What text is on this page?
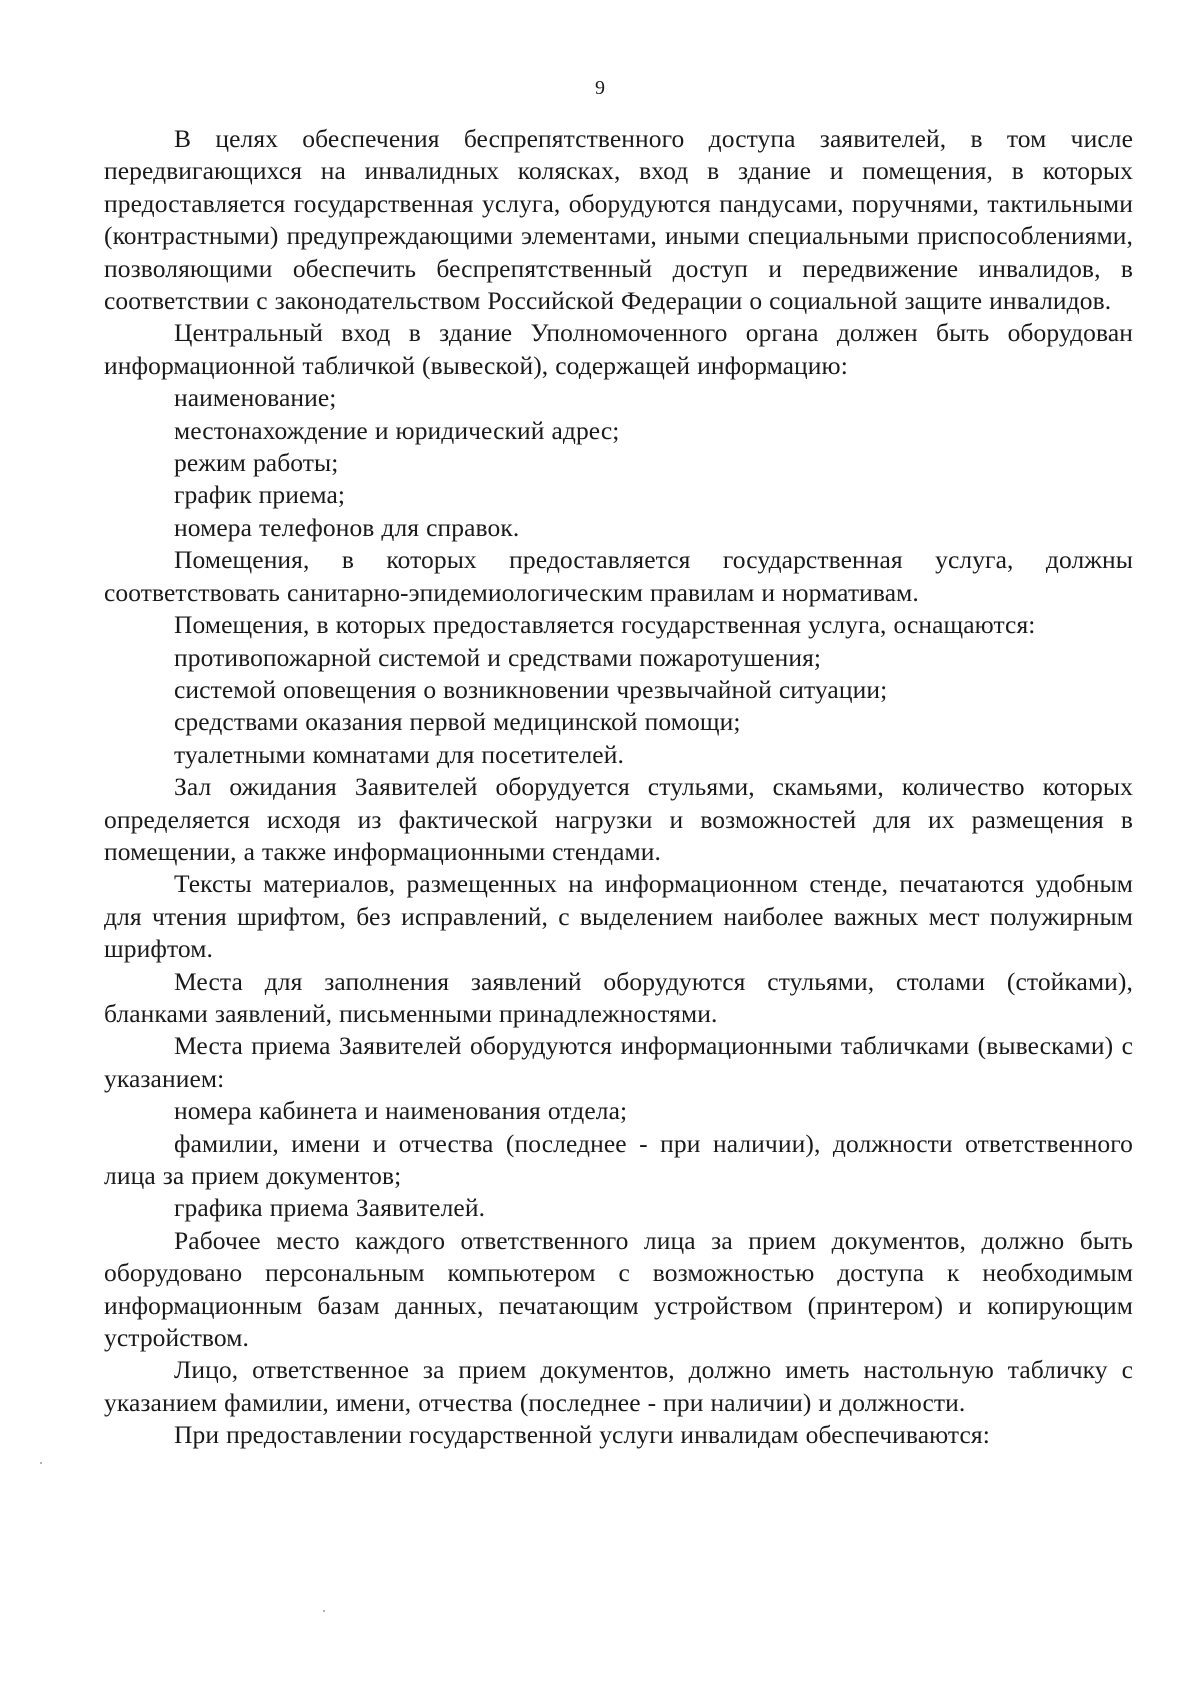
9

В целях обеспечения беспрепятственного доступа заявителей, в том числе передвигающихся на инвалидных колясках, вход в здание и помещения, в которых предоставляется государственная услуга, оборудуются пандусами, поручнями, тактильными (контрастными) предупреждающими элементами, иными специальными приспособлениями, позволяющими обеспечить беспрепятственный доступ и передвижение инвалидов, в соответствии с законодательством Российской Федерации о социальной защите инвалидов.

Центральный вход в здание Уполномоченного органа должен быть оборудован информационной табличкой (вывеской), содержащей информацию:

наименование;

местонахождение и юридический адрес;

режим работы;

график приема;

номера телефонов для справок.

Помещения, в которых предоставляется государственная услуга, должны соответствовать санитарно-эпидемиологическим правилам и нормативам.

Помещения, в которых предоставляется государственная услуга, оснащаются:

противопожарной системой и средствами пожаротушения;

системой оповещения о возникновении чрезвычайной ситуации;

средствами оказания первой медицинской помощи;

туалетными комнатами для посетителей.

Зал ожидания Заявителей оборудуется стульями, скамьями, количество которых определяется исходя из фактической нагрузки и возможностей для их размещения в помещении, а также информационными стендами.

Тексты материалов, размещенных на информационном стенде, печатаются удобным для чтения шрифтом, без исправлений, с выделением наиболее важных мест полужирным шрифтом.

Места для заполнения заявлений оборудуются стульями, столами (стойками), бланками заявлений, письменными принадлежностями.

Места приема Заявителей оборудуются информационными табличками (вывесками) с указанием:

номера кабинета и наименования отдела;

фамилии, имени и отчества (последнее - при наличии), должности ответственного лица за прием документов;

графика приема Заявителей.

Рабочее место каждого ответственного лица за прием документов, должно быть оборудовано персональным компьютером с возможностью доступа к необходимым информационным базам данных, печатающим устройством (принтером) и копирующим устройством.

Лицо, ответственное за прием документов, должно иметь настольную табличку с указанием фамилии, имени, отчества (последнее - при наличии) и должности.

При предоставлении государственной услуги инвалидам обеспечиваются:
